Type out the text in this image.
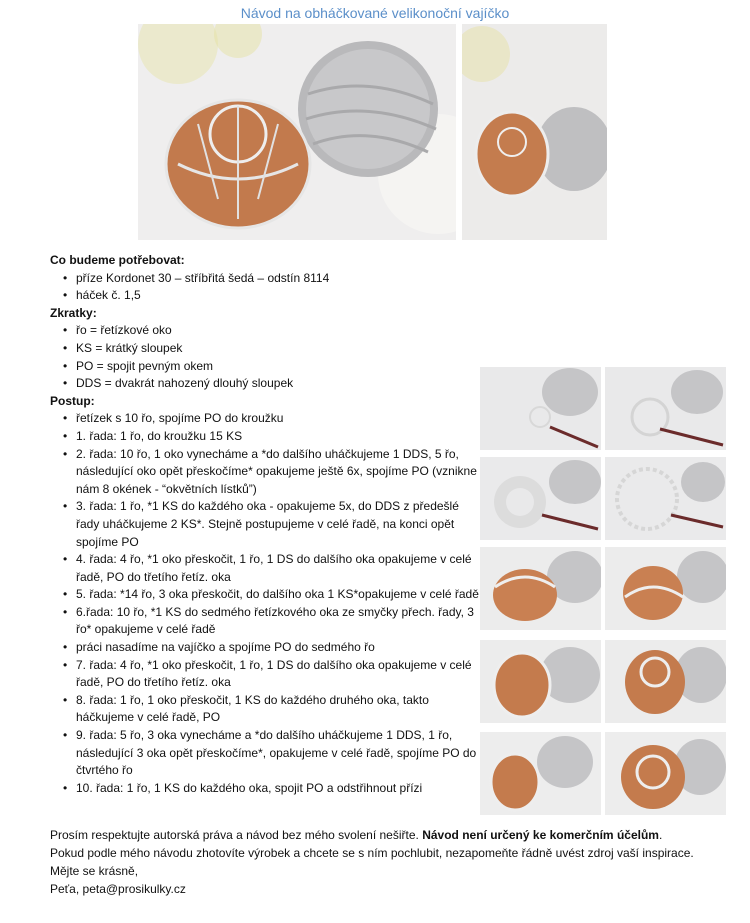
Návod na obháčkované velikonoční vajíčko
Co budeme potřebovat:
• příze Kordonet 30 – stříbřitá šedá – odstín 8114
• háček č. 1,5
Zkratky:
• řo = řetízkové oko
• KS = krátký sloupek
• PO = spojit pevným okem
• DDS = dvakrát nahozený dlouhý sloupek
Postup:
• řetízek s 10 řo, spojíme PO do kroužku
• 1. řada: 1 řo, do kroužku 15 KS
• 2. řada: 10 řo, 1 oko vynecháme a *do dalšího uháčkujeme 1 DDS, 5 řo, následující oko opět přeskočíme* opakujeme ještě 6x, spojíme PO (vznikne nám 8 okének - “okvětních lístků”)
• 3. řada: 1 řo, *1 KS do každého oka - opakujeme 5x, do DDS z předešlé řady uháčkujeme 2 KS*. Stejně postupujeme v celé řadě, na konci opět spojíme PO
• 4. řada: 4 řo, *1 oko přeskočit, 1 řo, 1 DS do dalšího oka opakujeme v celé řadě, PO do třetího řetíz. oka
• 5. řada: *14 řo, 3 oka přeskočit, do dalšího oka 1 KS*opakujeme v celé řadě
• 6.řada: 10 řo, *1 KS do sedmého řetízkového oka ze smyčky přech. řady, 3 řo* opakujeme v celé řadě
• práci nasadíme na vajíčko a spojíme PO do sedmého řo
• 7. řada: 4 řo, *1 oko přeskočit, 1 řo, 1 DS do dalšího oka opakujeme v celé řadě, PO do třetího řetíz. oka
• 8. řada: 1 řo, 1 oko přeskočit, 1 KS do každého druhého oka, takto háčkujeme v celé řadě, PO
• 9. řada: 5 řo, 3 oka vynecháme a *do dalšího uháčkujeme 1 DDS, 1 řo, následující 3 oka opět přeskočíme*, opakujeme v celé řadě, spojíme PO do čtvrtého řo
• 10. řada: 1 řo, 1 KS do každého oka, spojit PO a odstřihnout přízi

Prosím respektujte autorská práva a návod bez mého svolení nešiřte. Návod není určený ke komerčním účelům.

Pokud podle mého návodu zhotovíte výrobek a chcete se s ním pochlubit, nezapomeňte řádně uvést zdroj vaší inspirace.

Mějte se krásně,

Peťa, peta@prosikulky.cz
